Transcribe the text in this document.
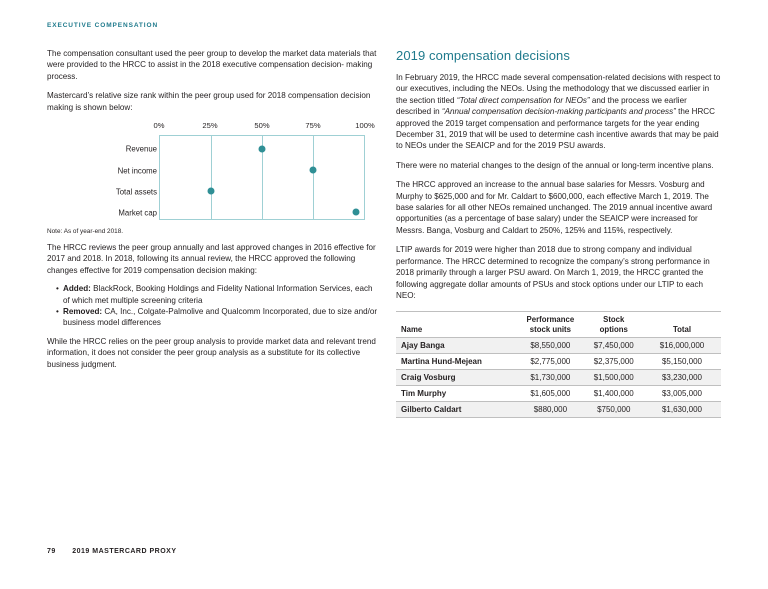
EXECUTIVE COMPENSATION

The compensation consultant used the peer group to develop the market data materials that were provided to the HRCC to assist in the 2018 executive compensation decision- making process.

Mastercard’s relative size rank within the peer group used for 2018 compensation decision making is shown below:

0%	25%	50%	75%	100%
Revenue
Net income
Total assets
Market cap
Note: As of year-end 2018.

The HRCC reviews the peer group annually and last approved changes in 2016 effective for 2017 and 2018. In 2018, following its annual review, the HRCC approved the following changes effective for 2019 compensation decision making:

• Added: BlackRock, Booking Holdings and Fidelity National Information Services, each of which met multiple screening criteria
• Removed: CA, Inc., Colgate-Palmolive and Qualcomm Incorporated, due to size and/or business model differences

While the HRCC relies on the peer group analysis to provide market data and relevant trend information, it does not consider the peer group analysis as a substitute for its collective business judgment.

2019 compensation decisions

In February 2019, the HRCC made several compensation-related decisions with respect to our executives, including the NEOs. Using the methodology that we discussed earlier in the section titled “Total direct compensation for NEOs” and the process we earlier described in “Annual compensation decision-making participants and process” the HRCC approved the 2019 target compensation and performance targets for the year ending December 31, 2019 that will be used to determine cash incentive awards that may be paid to NEOs under the SEAICP and for the 2019 PSU awards.

There were no material changes to the design of the annual or long-term incentive plans.

The HRCC approved an increase to the annual base salaries for Messrs. Vosburg and Murphy to $625,000 and for Mr. Caldart to $600,000, each effective March 1, 2019. The base salaries for all other NEOs remained unchanged. The 2019 annual incentive award opportunities (as a percentage of base salary) under the SEAICP were increased for Messrs. Banga, Vosburg and Caldart to 250%, 125% and 115%, respectively.

LTIP awards for 2019 were higher than 2018 due to strong company and individual performance. The HRCC determined to recognize the company’s strong performance in 2018 primarily through a larger PSU award. On March 1, 2019, the HRCC granted the following aggregate dollar amounts of PSUs and stock options under our LTIP to each NEO:

Name	Performance stock units	Stock options	Total
Ajay Banga	$8,550,000	$7,450,000	$16,000,000
Martina Hund-Mejean	$2,775,000	$2,375,000	$5,150,000
Craig Vosburg	$1,730,000	$1,500,000	$3,230,000
Tim Murphy	$1,605,000	$1,400,000	$3,005,000
Gilberto Caldart	$880,000	$750,000	$1,630,000
79 2019 MASTERCARD PROXY
